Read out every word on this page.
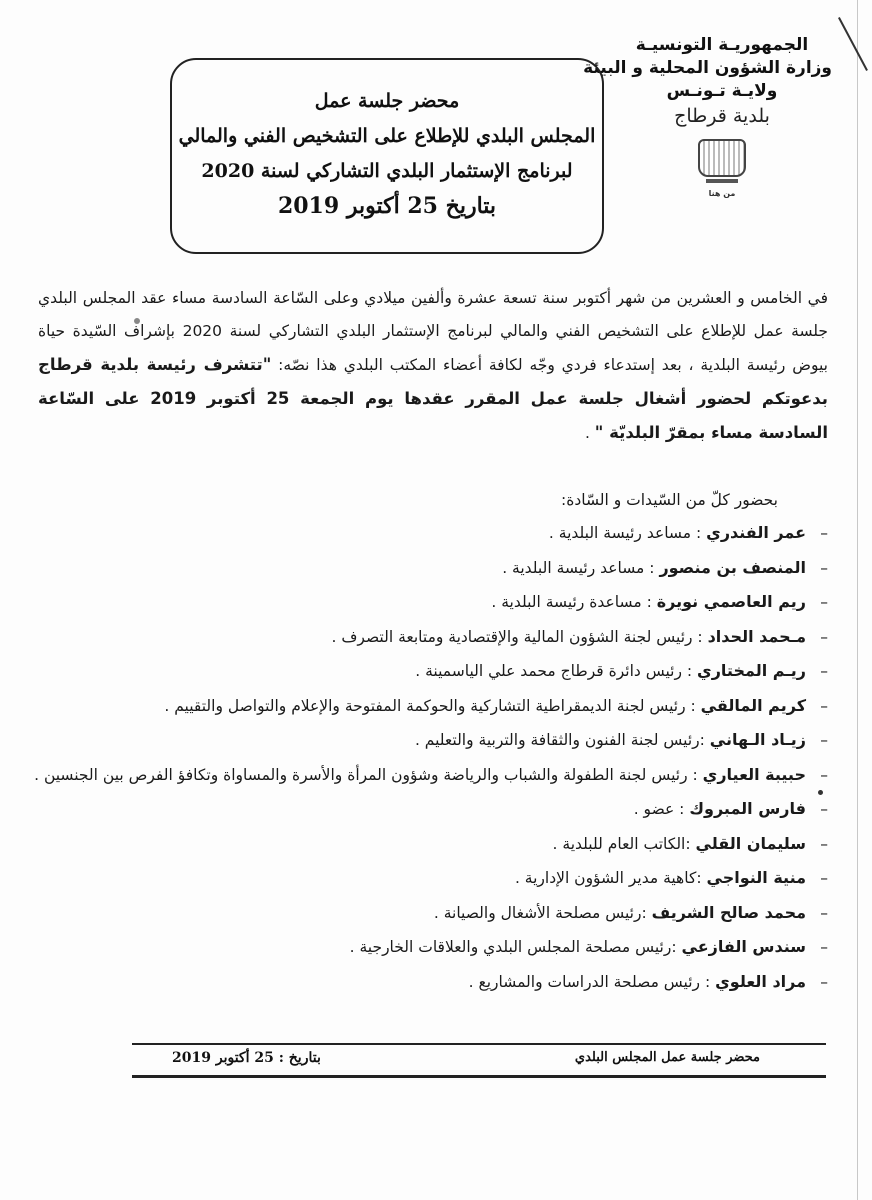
الجمهوريـة التونسيـة
وزارة الشؤون المحلية و البيئة
ولايـة تـونـس
بلدية قرطاج
من هنا
محضر جلسة عمل
المجلس البلدي للإطلاع على التشخيص الفني والمالي
لبرنامج الإستثمار البلدي التشاركي لسنة 2020
بتاريخ 25 أكتوبر 2019

في الخامس و العشرين من شهر أكتوبر سنة تسعة عشرة وألفين ميلادي وعلى السّاعة السادسة مساء عقد المجلس البلدي جلسة عمل للإطلاع على التشخيص الفني والمالي لبرنامج الإستثمار البلدي التشاركي لسنة 2020 بإشراف السّيدة حياة بيوض رئيسة البلدية ، بعد إستدعاء فردي وجّه لكافة أعضاء المكتب البلدي هذا نصّه: "تتشرف رئيسة بلدية قرطاج بدعوتكم لحضور أشغال جلسة عمل المقرر عقدها يوم الجمعة 25 أكتوبر 2019 على السّاعة السادسة مساء بمقرّ البلديّة " .

بحضور كلّ من السّيدات و السّادة:
–عمر الفندري : مساعد رئيسة البلدية .
–المنصف بن منصور : مساعد رئيسة البلدية .
–ريم العاصمي نويرة : مساعدة رئيسة البلدية .
–مـحمد الحداد : رئيس لجنة الشؤون المالية والإقتصادية ومتابعة التصرف .
–ريـم المختاري : رئيس دائرة قرطاج محمد علي الياسمينة .
–كريم المالقي : رئيس لجنة الديمقراطية التشاركية والحوكمة المفتوحة والإعلام والتواصل والتقييم .
–زيـاد الـهاني :رئيس لجنة الفنون والثقافة والتربية والتعليم .
–حبيبة العياري : رئيس لجنة الطفولة والشباب والرياضة وشؤون المرأة والأسرة والمساواة وتكافؤ الفرص بين الجنسين .
–فارس المبروك : عضو .
–سليمان القلي :الكاتب العام للبلدية .
–منية النواجي :كاهية مدير الشؤون الإدارية .
–محمد صالح الشريف :رئيس مصلحة الأشغال والصيانة .
–سندس الفازعي :رئيس مصلحة المجلس البلدي والعلاقات الخارجية .
–مراد العلوي : رئيس مصلحة الدراسات والمشاريع .
محضر جلسة عمل المجلس البلدي
بتاريخ : 25 أكتوبر 2019
